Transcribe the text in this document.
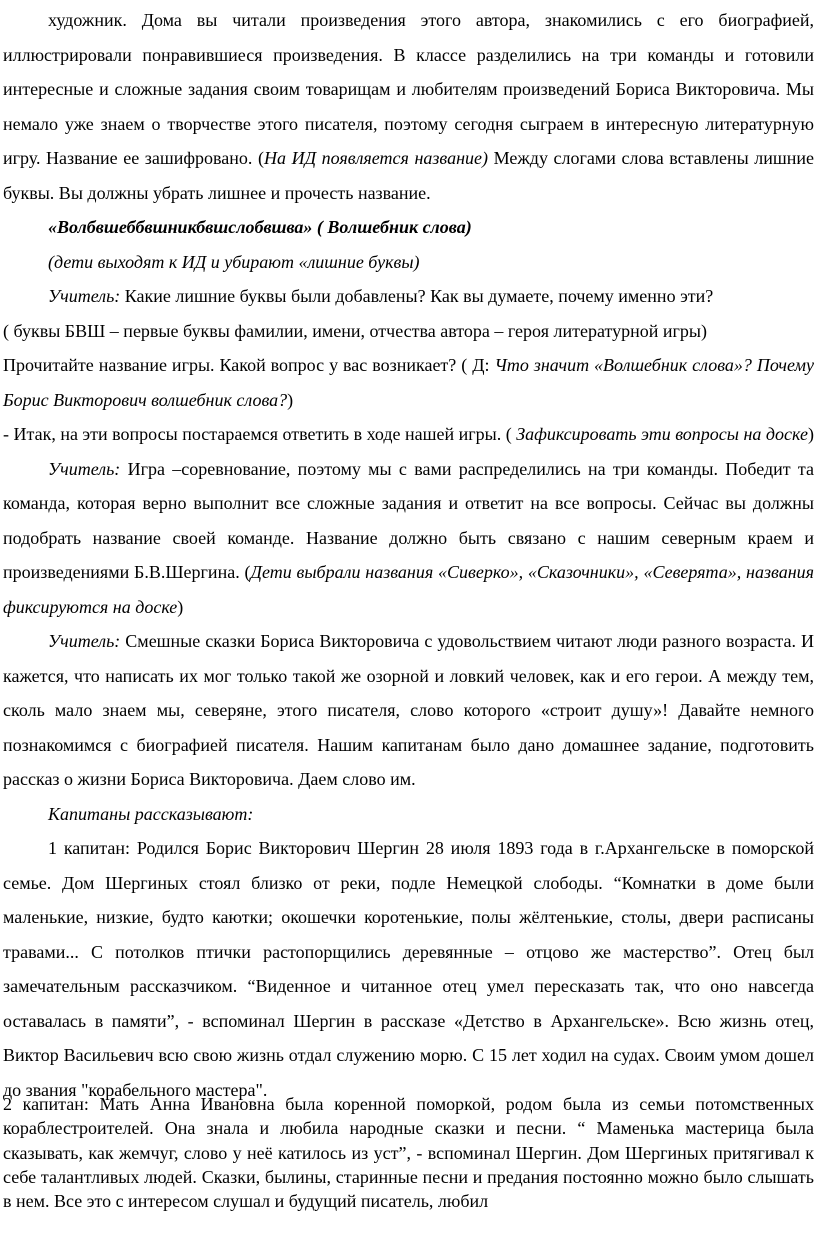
художник. Дома вы читали произведения этого автора, знакомились с его биографией,

иллюстрировали понравившиеся произведения. В классе разделились на три команды и готовили интересные и сложные задания своим товарищам и любителям произведений Бориса Викторовича. Мы немало уже знаем о творчестве этого писателя, поэтому сегодня сыграем в интересную литературную игру. Название ее зашифровано. (На ИД появляется название) Между слогами слова вставлены лишние буквы. Вы должны убрать лишнее и прочесть название.

«Волбвшеббвшникбвшслобвшва» ( Волшебник слова)

(дети выходят к ИД и убирают «лишние буквы)

Учитель: Какие лишние буквы были добавлены? Как вы думаете, почему именно эти?

( буквы БВШ – первые буквы фамилии, имени, отчества автора – героя литературной игры)

Прочитайте название игры. Какой вопрос у вас возникает? ( Д: Что значит «Волшебник слова»? Почему Борис Викторович волшебник слова?)

- Итак, на эти вопросы постараемся ответить в ходе нашей игры. ( Зафиксировать эти вопросы на доске)

Учитель: Игра –соревнование, поэтому мы с вами распределились на три команды. Победит та команда, которая верно выполнит все сложные задания и ответит на все вопросы. Сейчас вы должны подобрать название своей команде. Название должно быть связано с нашим северным краем и произведениями Б.В.Шергина. (Дети выбрали названия «Сиверко», «Сказочники», «Северята», названия фиксируются на доске)

Учитель: Смешные сказки Бориса Викторовича с удовольствием читают люди разного возраста. И кажется, что написать их мог только такой же озорной и ловкий человек, как и его герои. А между тем, сколь мало знаем мы, северяне, этого писателя, слово которого «строит душу»! Давайте немного познакомимся с биографией писателя. Нашим капитанам было дано домашнее задание, подготовить рассказ о жизни Бориса Викторовича. Даем слово им.

Капитаны рассказывают:

1 капитан: Родился Борис Викторович Шергин 28 июля 1893 года в г.Архангельске в поморской семье. Дом Шергиных стоял близко от реки, подле Немецкой слободы. “Комнатки в доме были маленькие, низкие, будто каютки; окошечки коротенькие, полы жёлтенькие, столы, двери расписаны травами... С потолков птички растопорщились деревянные – отцово же мастерство”. Отец был замечательным рассказчиком. “Виденное и читанное отец умел пересказать так, что оно навсегда оставалась в памяти”, - вспоминал Шергин в рассказе «Детство в Архангельске». Всю жизнь отец, Виктор Васильевич всю свою жизнь отдал служению морю. С 15 лет ходил на судах. Своим умом дошел до звания "корабельного мастера".

2 капитан: Мать Анна Ивановна была коренной поморкой, родом была из семьи потомственных кораблестроителей. Она знала и любила народные сказки и песни. “ Маменька мастерица была сказывать, как жемчуг, слово у неё катилось из уст”, - вспоминал Шергин. Дом Шергиных притягивал к себе талантливых людей. Сказки, былины, старинные песни и предания постоянно можно было слышать в нем. Все это с интересом слушал и будущий писатель, любил
